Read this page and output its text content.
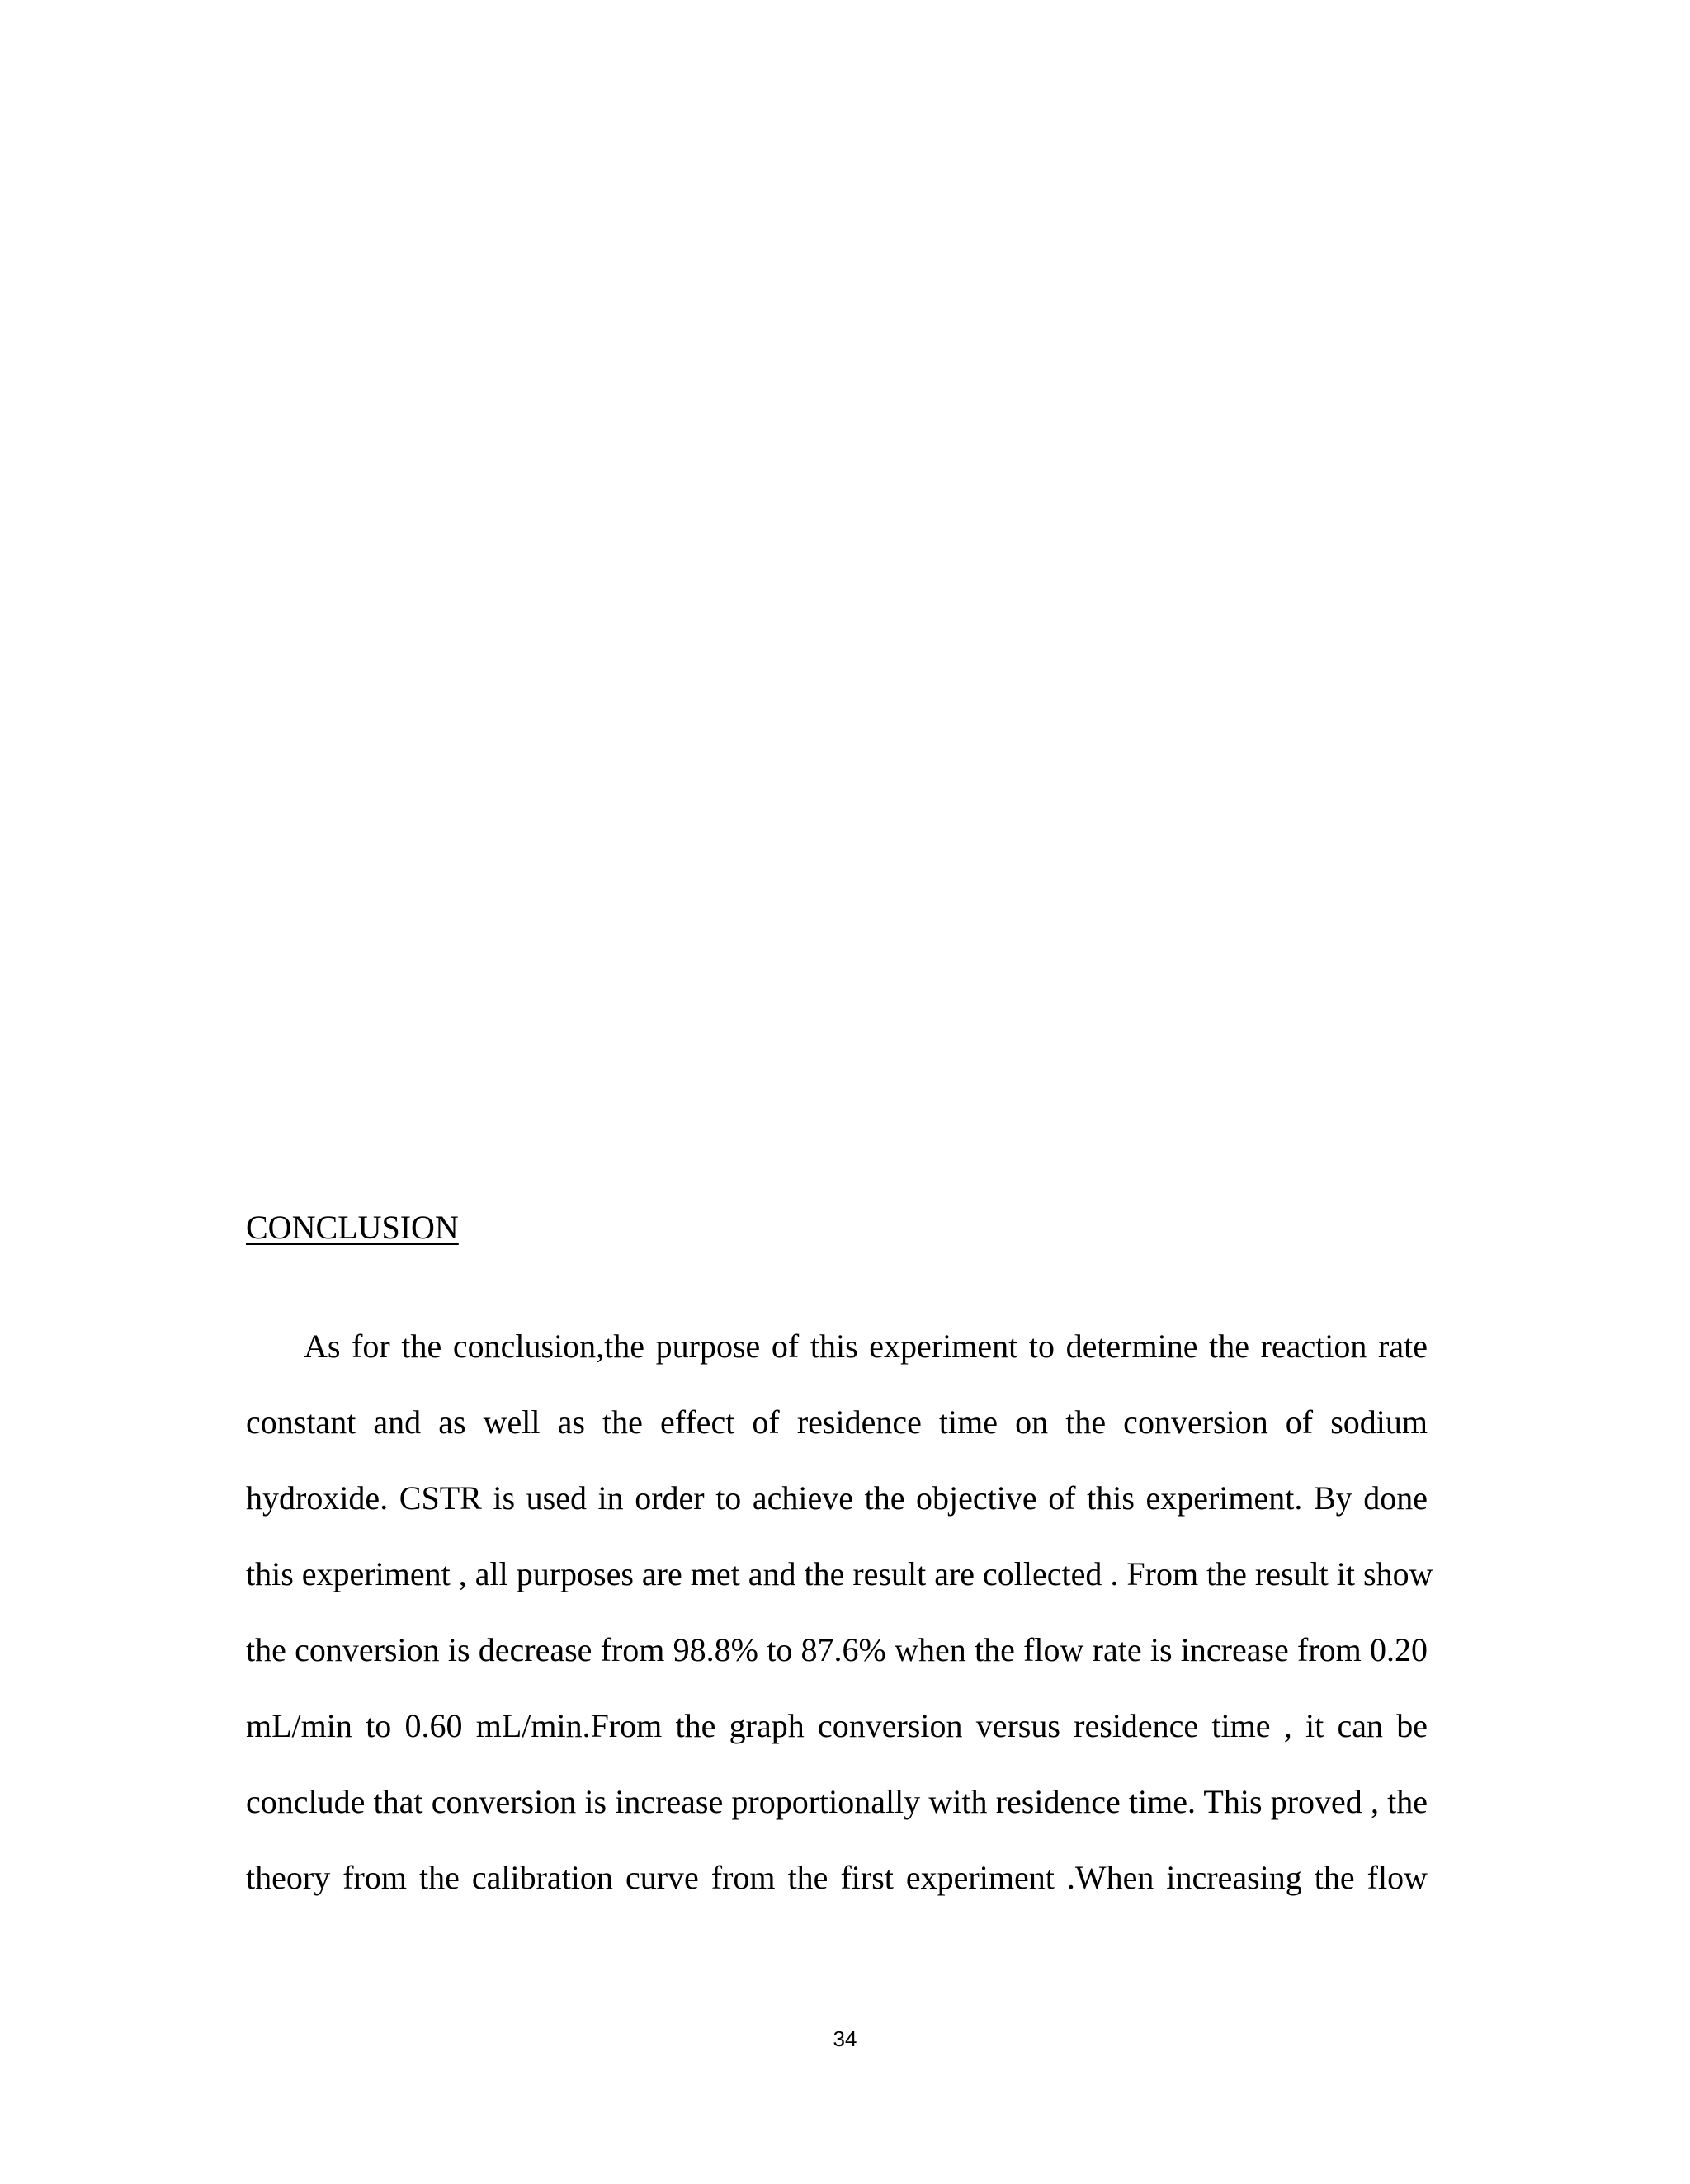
CONCLUSION
As for the conclusion,the purpose of this experiment to determine the reaction rate
constant and as well as the effect of residence time on the conversion of sodium
hydroxide. CSTR is used in order to achieve the objective of this experiment. By done
this experiment , all purposes are met and the result are collected . From the result it show
the conversion is decrease from 98.8% to 87.6% when the flow rate is increase from 0.20
mL/min to 0.60 mL/min.From the graph conversion versus residence time , it can be
conclude that conversion is increase proportionally with residence time. This proved , the
theory from the calibration curve from the first experiment .When increasing the flow
34
